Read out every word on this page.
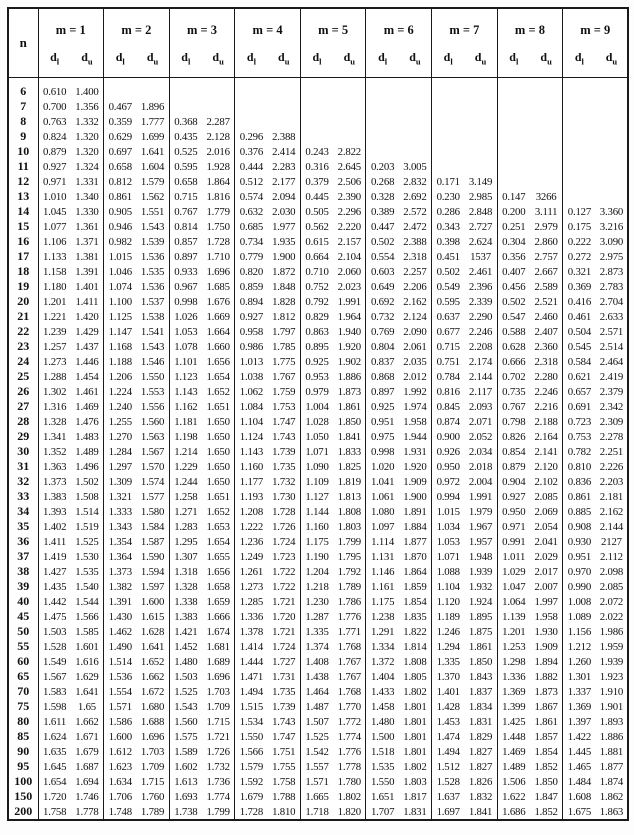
n	m = 1		m = 2		m = 3		m = 4		m = 5		m = 6		m = 7		m = 8		m = 9	
	$d_l$	$d_u$	$d_l$	$d_u$	$d_l$	$d_u$	$d_l$	$d_u$	$d_l$	$d_u$	$d_l$	$d_u$	$d_l$	$d_u$	$d_l$	$d_u$	$d_l$	$d_u$
6	0.610	1.400																
7	0.700	1.356	0.467	1.896														
8	0.763	1.332	0.359	1.777	0.368	2.287												
9	0.824	1.320	0.629	1.699	0.435	2.128	0.296	2.388										
10	0.879	1.320	0.697	1.641	0.525	2.016	0.376	2.414	0.243	2.822								
11	0.927	1.324	0.658	1.604	0.595	1.928	0.444	2.283	0.316	2.645	0.203	3.005						
12	0.971	1.331	0.812	1.579	0.658	1.864	0.512	2.177	0.379	2.506	0.268	2.832	0.171	3.149				
13	1.010	1.340	0.861	1.562	0.715	1.816	0.574	2.094	0.445	2.390	0.328	2.692	0.230	2.985	0.147	3266		
14	1.045	1.330	0.905	1.551	0.767	1.779	0.632	2.030	0.505	2.296	0.389	2.572	0.286	2.848	0.200	3.111	0.127	3.360
15	1.077	1.361	0.946	1.543	0.814	1.750	0.685	1.977	0.562	2.220	0.447	2.472	0.343	2.727	0.251	2.979	0.175	3.216
16	1.106	1.371	0.982	1.539	0.857	1.728	0.734	1.935	0.615	2.157	0.502	2.388	0.398	2.624	0.304	2.860	0.222	3.090
17	1.133	1.381	1.015	1.536	0.897	1.710	0.779	1.900	0.664	2.104	0.554	2.318	0.451	1537	0.356	2.757	0.272	2.975
18	1.158	1.391	1.046	1.535	0.933	1.696	0.820	1.872	0.710	2.060	0.603	2.257	0.502	2.461	0.407	2.667	0.321	2.873
19	1.180	1.401	1.074	1.536	0.967	1.685	0.859	1.848	0.752	2.023	0.649	2.206	0.549	2.396	0.456	2.589	0.369	2.783
20	1.201	1.411	1.100	1.537	0.998	1.676	0.894	1.828	0.792	1.991	0.692	2.162	0.595	2.339	0.502	2.521	0.416	2.704
21	1.221	1.420	1.125	1.538	1.026	1.669	0.927	1.812	0.829	1.964	0.732	2.124	0.637	2.290	0.547	2.460	0.461	2.633
22	1.239	1.429	1.147	1.541	1.053	1.664	0.958	1.797	0.863	1.940	0.769	2.090	0.677	2.246	0.588	2.407	0.504	2.571
23	1.257	1.437	1.168	1.543	1.078	1.660	0.986	1.785	0.895	1.920	0.804	2.061	0.715	2.208	0.628	2.360	0.545	2.514
24	1.273	1.446	1.188	1.546	1.101	1.656	1.013	1.775	0.925	1.902	0.837	2.035	0.751	2.174	0.666	2.318	0.584	2.464
25	1.288	1.454	1.206	1.550	1.123	1.654	1.038	1.767	0.953	1.886	0.868	2.012	0.784	2.144	0.702	2.280	0.621	2.419
26	1.302	1.461	1.224	1.553	1.143	1.652	1.062	1.759	0.979	1.873	0.897	1.992	0.816	2.117	0.735	2.246	0.657	2.379
27	1.316	1.469	1.240	1.556	1.162	1.651	1.084	1.753	1.004	1.861	0.925	1.974	0.845	2.093	0.767	2.216	0.691	2.342
28	1.328	1.476	1.255	1.560	1.181	1.650	1.104	1.747	1.028	1.850	0.951	1.958	0.874	2.071	0.798	2.188	0.723	2.309
29	1.341	1.483	1.270	1.563	1.198	1.650	1.124	1.743	1.050	1.841	0.975	1.944	0.900	2.052	0.826	2.164	0.753	2.278
30	1.352	1.489	1.284	1.567	1.214	1.650	1.143	1.739	1.071	1.833	0.998	1.931	0.926	2.034	0.854	2.141	0.782	2.251
31	1.363	1.496	1.297	1.570	1.229	1.650	1.160	1.735	1.090	1.825	1.020	1.920	0.950	2.018	0.879	2.120	0.810	2.226
32	1.373	1.502	1.309	1.574	1.244	1.650	1.177	1.732	1.109	1.819	1.041	1.909	0.972	2.004	0.904	2.102	0.836	2.203
33	1.383	1.508	1.321	1.577	1.258	1.651	1.193	1.730	1.127	1.813	1.061	1.900	0.994	1.991	0.927	2.085	0.861	2.181
34	1.393	1.514	1.333	1.580	1.271	1.652	1.208	1.728	1.144	1.808	1.080	1.891	1.015	1.979	0.950	2.069	0.885	2.162
35	1.402	1.519	1.343	1.584	1.283	1.653	1.222	1.726	1.160	1.803	1.097	1.884	1.034	1.967	0.971	2.054	0.908	2.144
36	1.411	1.525	1.354	1.587	1.295	1.654	1.236	1.724	1.175	1.799	1.114	1.877	1.053	1.957	0.991	2.041	0.930	2127
37	1.419	1.530	1.364	1.590	1.307	1.655	1.249	1.723	1.190	1.795	1.131	1.870	1.071	1.948	1.011	2.029	0.951	2.112
38	1.427	1.535	1.373	1.594	1.318	1.656	1.261	1.722	1.204	1.792	1.146	1.864	1.088	1.939	1.029	2.017	0.970	2.098
39	1.435	1.540	1.382	1.597	1.328	1.658	1.273	1.722	1.218	1.789	1.161	1.859	1.104	1.932	1.047	2.007	0.990	2.085
40	1.442	1.544	1.391	1.600	1.338	1.659	1.285	1.721	1.230	1.786	1.175	1.854	1.120	1.924	1.064	1.997	1.008	2.072
45	1.475	1.566	1.430	1.615	1.383	1.666	1.336	1.720	1.287	1.776	1.238	1.835	1.189	1.895	1.139	1.958	1.089	2.022
50	1.503	1.585	1.462	1.628	1.421	1.674	1.378	1.721	1.335	1.771	1.291	1.822	1.246	1.875	1.201	1.930	1.156	1.986
55	1.528	1.601	1.490	1.641	1.452	1.681	1.414	1.724	1.374	1.768	1.334	1.814	1.294	1.861	1.253	1.909	1.212	1.959
60	1.549	1.616	1.514	1.652	1.480	1.689	1.444	1.727	1.408	1.767	1.372	1.808	1.335	1.850	1.298	1.894	1.260	1.939
65	1.567	1.629	1.536	1.662	1.503	1.696	1.471	1.731	1.438	1.767	1.404	1.805	1.370	1.843	1.336	1.882	1.301	1.923
70	1.583	1.641	1.554	1.672	1.525	1.703	1.494	1.735	1.464	1.768	1.433	1.802	1.401	1.837	1.369	1.873	1.337	1.910
75	1.598	1.65	1.571	1.680	1.543	1.709	1.515	1.739	1.487	1.770	1.458	1.801	1.428	1.834	1.399	1.867	1.369	1.901
80	1.611	1.662	1.586	1.688	1.560	1.715	1.534	1.743	1.507	1.772	1.480	1.801	1.453	1.831	1.425	1.861	1.397	1.893
85	1.624	1.671	1.600	1.696	1.575	1.721	1.550	1.747	1.525	1.774	1.500	1.801	1.474	1.829	1.448	1.857	1.422	1.886
90	1.635	1.679	1.612	1.703	1.589	1.726	1.566	1.751	1.542	1.776	1.518	1.801	1.494	1.827	1.469	1.854	1.445	1.881
95	1.645	1.687	1.623	1.709	1.602	1.732	1.579	1.755	1.557	1.778	1.535	1.802	1.512	1.827	1.489	1.852	1.465	1.877
100	1.654	1.694	1.634	1.715	1.613	1.736	1.592	1.758	1.571	1.780	1.550	1.803	1.528	1.826	1.506	1.850	1.484	1.874
150	1.720	1.746	1.706	1.760	1.693	1.774	1.679	1.788	1.665	1.802	1.651	1.817	1.637	1.832	1.622	1.847	1.608	1.862
200	1.758	1.778	1.748	1.789	1.738	1.799	1.728	1.810	1.718	1.820	1.707	1.831	1.697	1.841	1.686	1.852	1.675	1.863
